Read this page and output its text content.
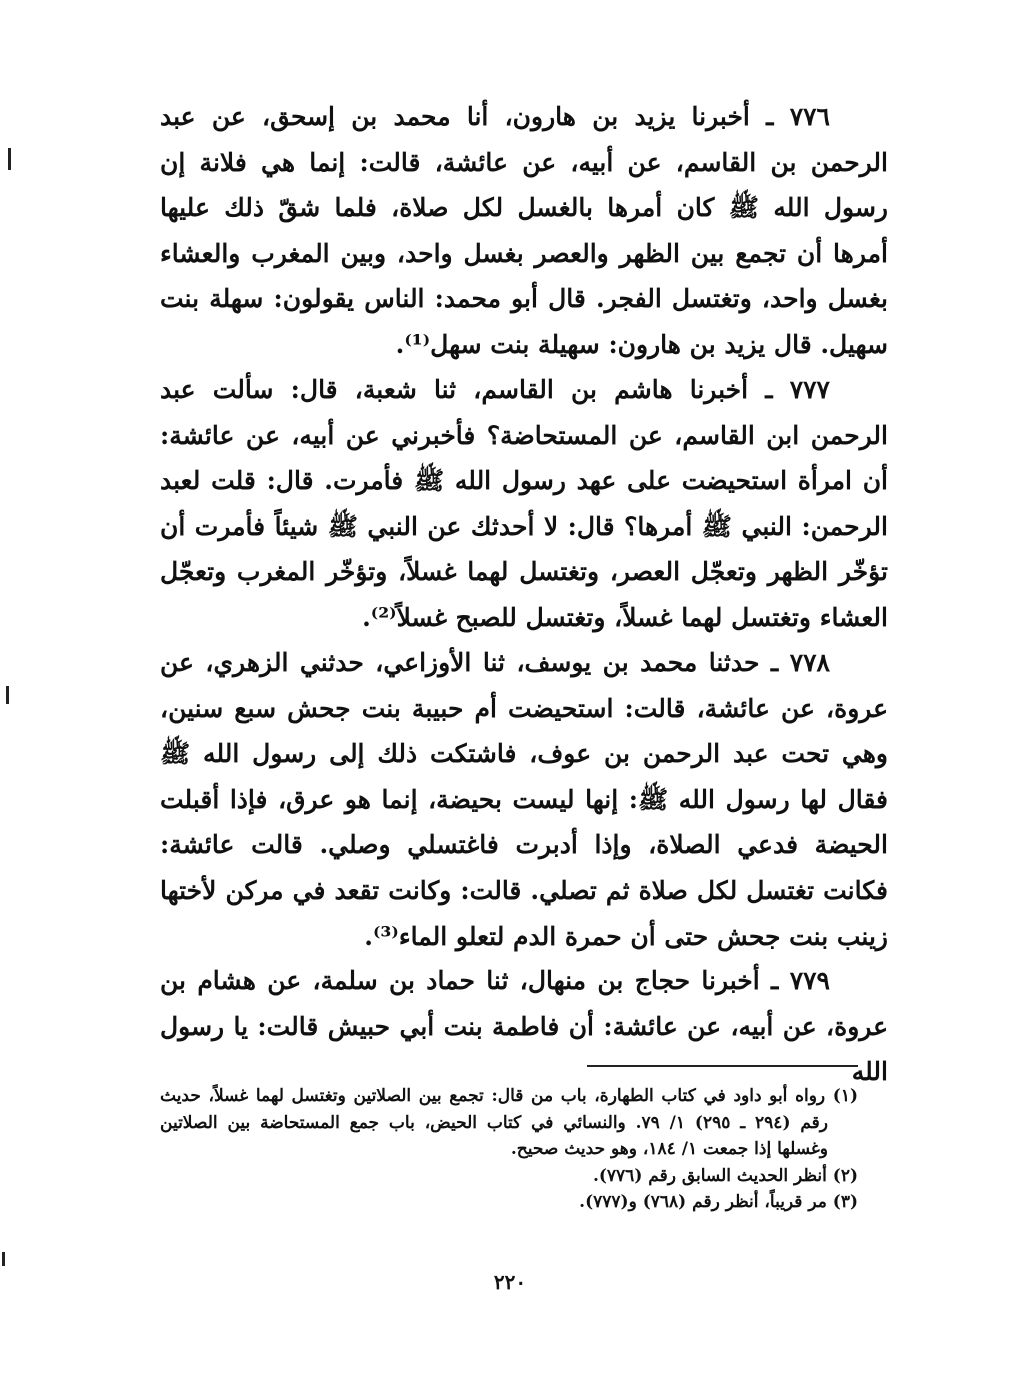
٧٧٦ ـ أخبرنا يزيد بن هارون، أنا محمد بن إسحق، عن عبد الرحمن بن القاسم، عن أبيه، عن عائشة، قالت: إنما هي فلانة إن رسول الله ﷺ كان أمرها بالغسل لكل صلاة، فلما شقّ ذلك عليها أمرها أن تجمع بين الظهر والعصر بغسل واحد، وبين المغرب والعشاء بغسل واحد، وتغتسل الفجر. قال أبو محمد: الناس يقولون: سهلة بنت سهيل. قال يزيد بن هارون: سهيلة بنت سهل⁽¹⁾.

٧٧٧ ـ أخبرنا هاشم بن القاسم، ثنا شعبة، قال: سألت عبد الرحمن ابن القاسم، عن المستحاضة؟ فأخبرني عن أبيه، عن عائشة: أن امرأة استحيضت على عهد رسول الله ﷺ فأمرت. قال: قلت لعبد الرحمن: النبي ﷺ أمرها؟ قال: لا أحدثك عن النبي ﷺ شيئاً فأمرت أن تؤخّر الظهر وتعجّل العصر، وتغتسل لهما غسلاً، وتؤخّر المغرب وتعجّل العشاء وتغتسل لهما غسلاً، وتغتسل للصبح غسلاً⁽²⁾.

٧٧٨ ـ حدثنا محمد بن يوسف، ثنا الأوزاعي، حدثني الزهري، عن عروة، عن عائشة، قالت: استحيضت أم حبيبة بنت جحش سبع سنين، وهي تحت عبد الرحمن بن عوف، فاشتكت ذلك إلى رسول الله ﷺ فقال لها رسول الله ﷺ: إنها ليست بحيضة، إنما هو عرق، فإذا أقبلت الحيضة فدعي الصلاة، وإذا أدبرت فاغتسلي وصلي. قالت عائشة: فكانت تغتسل لكل صلاة ثم تصلي. قالت: وكانت تقعد في مركن لأختها زينب بنت جحش حتى أن حمرة الدم لتعلو الماء⁽³⁾.

٧٧٩ ـ أخبرنا حجاج بن منهال، ثنا حماد بن سلمة، عن هشام بن عروة، عن أبيه، عن عائشة: أن فاطمة بنت أبي حبيش قالت: يا رسول الله

(١) رواه أبو داود في كتاب الطهارة، باب من قال: تجمع بين الصلاتين وتغتسل لهما غسلاً، حديث رقم (٢٩٤ ـ ٢٩٥) ١/ ٧٩. والنسائي في كتاب الحيض، باب جمع المستحاضة بين الصلاتين وغسلها إذا جمعت ١/ ١٨٤، وهو حديث صحيح.

(٢) أنظر الحديث السابق رقم (٧٧٦).

(٣) مر قريباً، أنظر رقم (٧٦٨) و(٧٧٧).

٢٢٠
